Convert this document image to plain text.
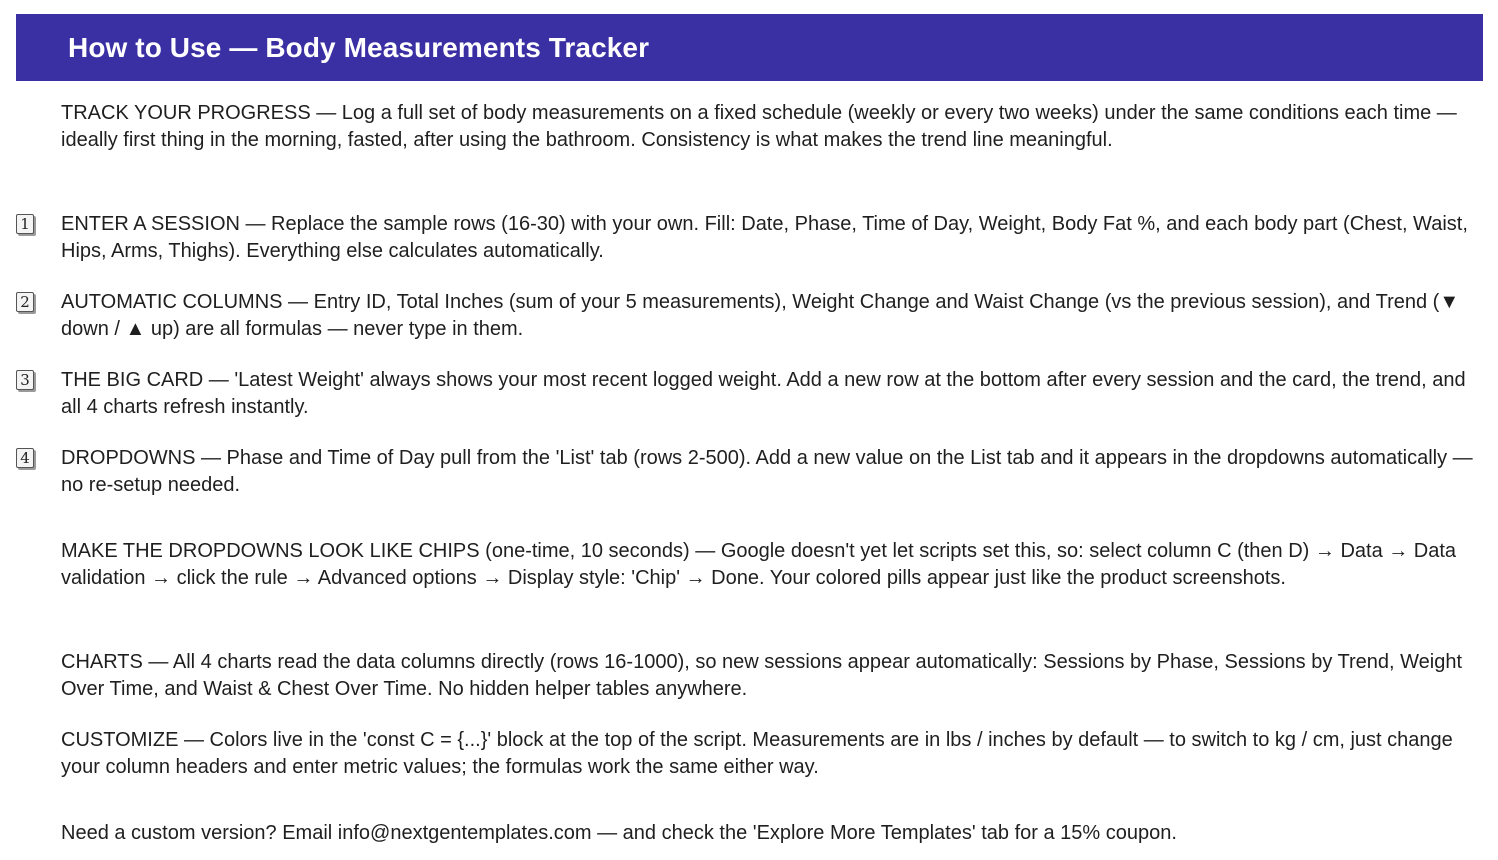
How to Use — Body Measurements Tracker

TRACK YOUR PROGRESS — Log a full set of body measurements on a fixed schedule (weekly or every two weeks) under the same conditions each time — ideally first thing in the morning, fasted, after using the bathroom. Consistency is what makes the trend line meaningful.

1 ENTER A SESSION — Replace the sample rows (16-30) with your own. Fill: Date, Phase, Time of Day, Weight, Body Fat %, and each body part (Chest, Waist, Hips, Arms, Thighs). Everything else calculates automatically.

2 AUTOMATIC COLUMNS — Entry ID, Total Inches (sum of your 5 measurements), Weight Change and Waist Change (vs the previous session), and Trend (▼ down / ▲ up) are all formulas — never type in them.

3 THE BIG CARD — 'Latest Weight' always shows your most recent logged weight. Add a new row at the bottom after every session and the card, the trend, and all 4 charts refresh instantly.

4 DROPDOWNS — Phase and Time of Day pull from the 'List' tab (rows 2-500). Add a new value on the List tab and it appears in the dropdowns automatically — no re-setup needed.

MAKE THE DROPDOWNS LOOK LIKE CHIPS (one-time, 10 seconds) — Google doesn't yet let scripts set this, so: select column C (then D) → Data → Data validation → click the rule → Advanced options → Display style: 'Chip' → Done. Your colored pills appear just like the product screenshots.

CHARTS — All 4 charts read the data columns directly (rows 16-1000), so new sessions appear automatically: Sessions by Phase, Sessions by Trend, Weight Over Time, and Waist & Chest Over Time. No hidden helper tables anywhere.

CUSTOMIZE — Colors live in the 'const C = {...}' block at the top of the script. Measurements are in lbs / inches by default — to switch to kg / cm, just change your column headers and enter metric values; the formulas work the same either way.

Need a custom version? Email info@nextgentemplates.com — and check the 'Explore More Templates' tab for a 15% coupon.
